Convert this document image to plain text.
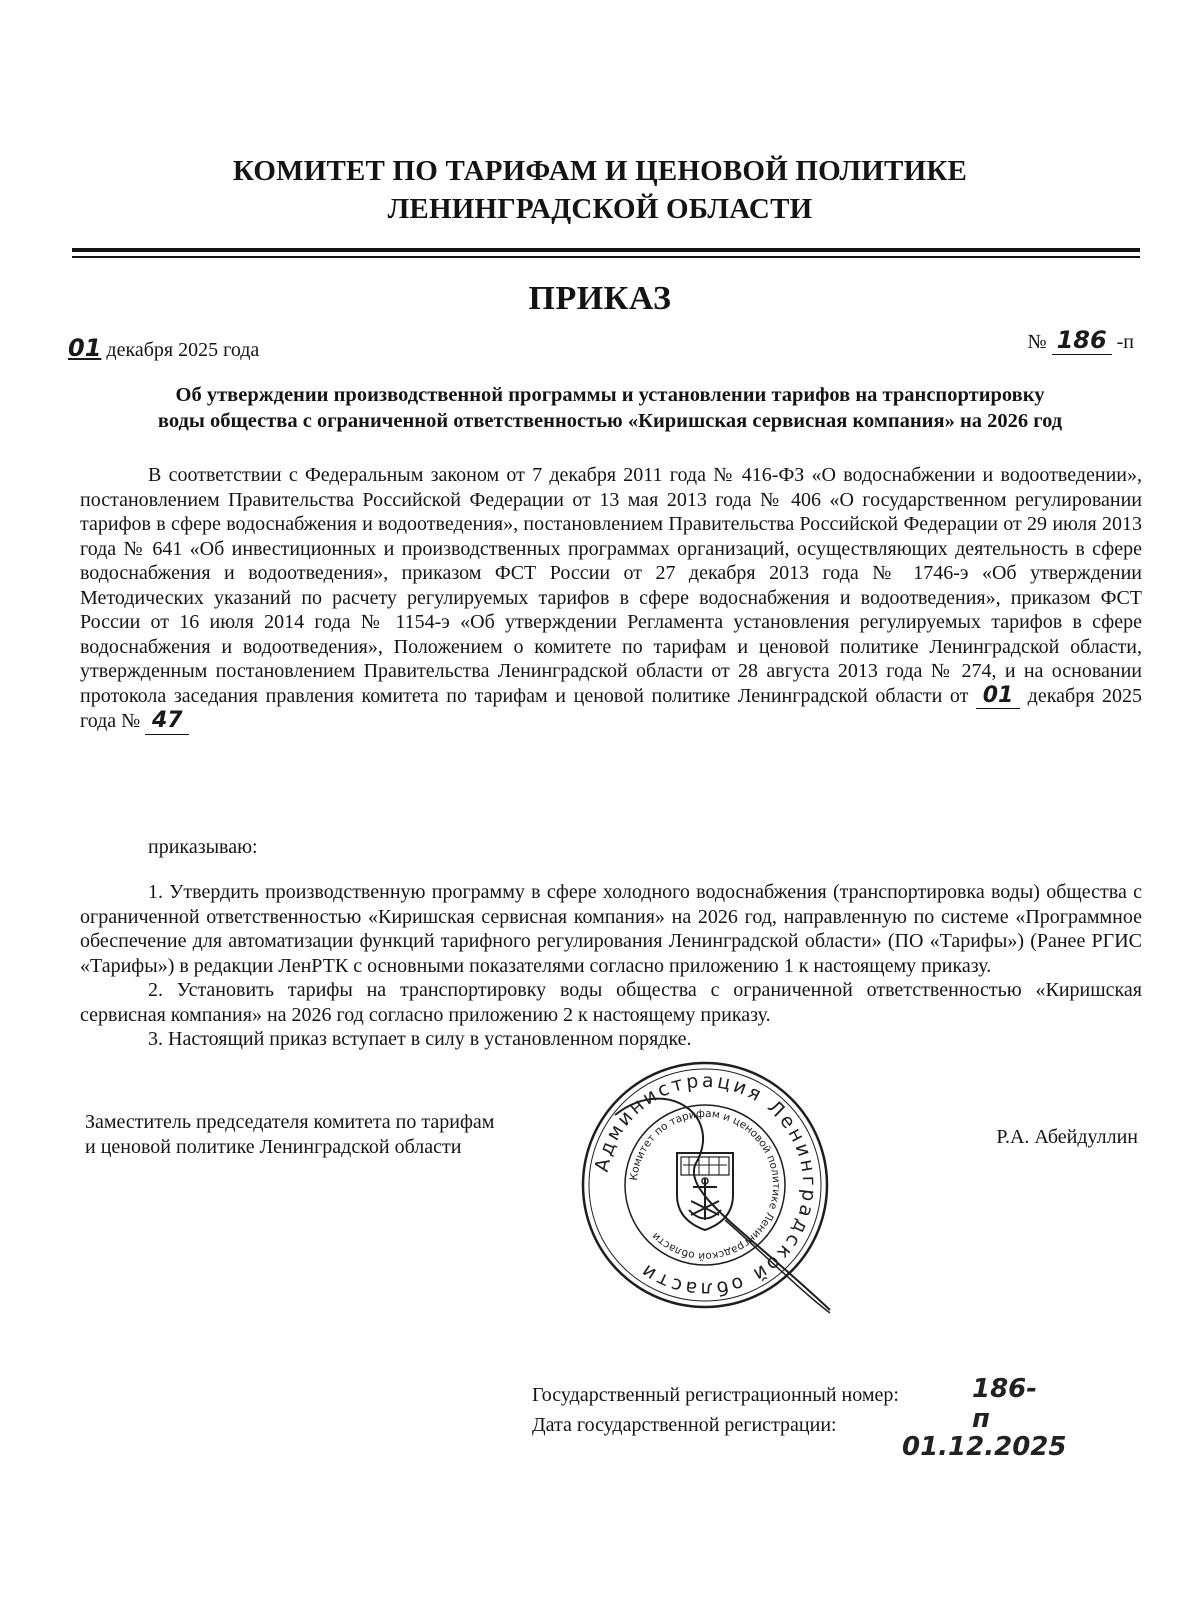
КОМИТЕТ ПО ТАРИФАМ И ЦЕНОВОЙ ПОЛИТИКЕ
ЛЕНИНГРАДСКОЙ ОБЛАСТИ
ПРИКАЗ
01 декабря 2025 года	№ 186 -п
Об утверждении производственной программы и установлении тарифов на транспортировку
воды общества с ограниченной ответственностью «Киришская сервисная компания» на 2026 год
В соответствии с Федеральным законом от 7 декабря 2011 года № 416-ФЗ «О водоснабжении и водоотведении», постановлением Правительства Российской Федерации от 13 мая 2013 года № 406 «О государственном регулировании тарифов в сфере водоснабжения и водоотведения», постановлением Правительства Российской Федерации от 29 июля 2013 года № 641 «Об инвестиционных и производственных программах организаций, осуществляющих деятельность в сфере водоснабжения и водоотведения», приказом ФСТ России от 27 декабря 2013 года № 1746-э «Об утверждении Методических указаний по расчету регулируемых тарифов в сфере водоснабжения и водоотведения», приказом ФСТ России от 16 июля 2014 года № 1154-э «Об утверждении Регламента установления регулируемых тарифов в сфере водоснабжения и водоотведения», Положением о комитете по тарифам и ценовой политике Ленинградской области, утвержденным постановлением Правительства Ленинградской области от 28 августа 2013 года № 274, и на основании протокола заседания правления комитета по тарифам и ценовой политике Ленинградской области от 01 декабря 2025 года № 47
приказываю:

1. Утвердить производственную программу в сфере холодного водоснабжения (транспортировка воды) общества с ограниченной ответственностью «Киришская сервисная компания» на 2026 год, направленную по системе «Программное обеспечение для автоматизации функций тарифного регулирования Ленинградской области» (ПО «Тарифы») (Ранее РГИС «Тарифы») в редакции ЛенРТК с основными показателями согласно приложению 1 к настоящему приказу.

2. Установить тарифы на транспортировку воды общества с ограниченной ответственностью «Киришская сервисная компания» на 2026 год согласно приложению 2 к настоящему приказу.

3. Настоящий приказ вступает в силу в установленном порядке.

Заместитель председателя комитета по тарифам
и ценовой политике Ленинградской области	Р.А. Абейдуллин
Администрация Ленинградской области
Комитет по тарифам и ценовой политике Ленинградской области
Государственный регистрационный номер:	186-п
Дата государственной регистрации:
01.12.2025
